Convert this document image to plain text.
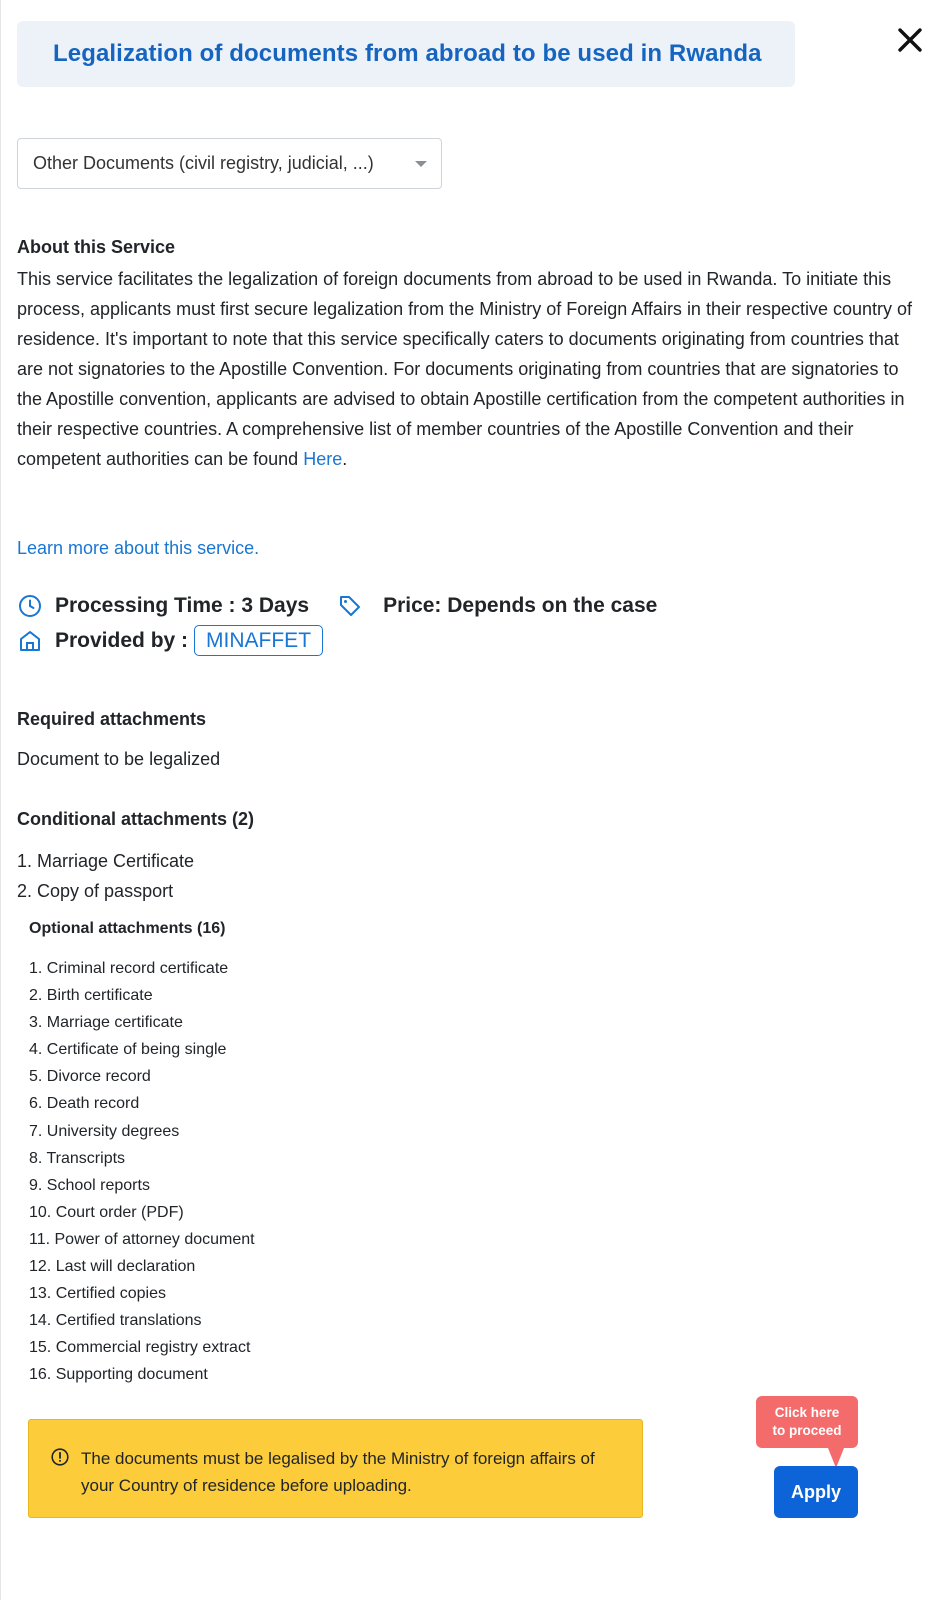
Legalization of documents from abroad to be used in Rwanda
Other Documents (civil registry, judicial, ...)
About this Service

This service facilitates the legalization of foreign documents from abroad to be used in Rwanda. To initiate this process, applicants must first secure legalization from the Ministry of Foreign Affairs in their respective country of residence. It's important to note that this service specifically caters to documents originating from countries that are not signatories to the Apostille Convention. For documents originating from countries that are signatories to the Apostille convention, applicants are advised to obtain Apostille certification from the competent authorities in their respective countries. A comprehensive list of member countries of the Apostille Convention and their competent authorities can be found Here.

Learn more about this service.
Processing Time : 3 Days	Price: Depends on the case
Provided by : MINAFFET
Required attachments
Document to be legalized
Conditional attachments (2)
1. Marriage Certificate
2. Copy of passport
Optional attachments (16)
1. Criminal record certificate
2. Birth certificate
3. Marriage certificate
4. Certificate of being single
5. Divorce record
6. Death record
7. University degrees
8. Transcripts
9. School reports
10. Court order (PDF)
11. Power of attorney document
12. Last will declaration
13. Certified copies
14. Certified translations
15. Commercial registry extract
16. Supporting document

The documents must be legalised by the Ministry of foreign affairs of your Country of residence before uploading.

Click here
to proceed
Apply
